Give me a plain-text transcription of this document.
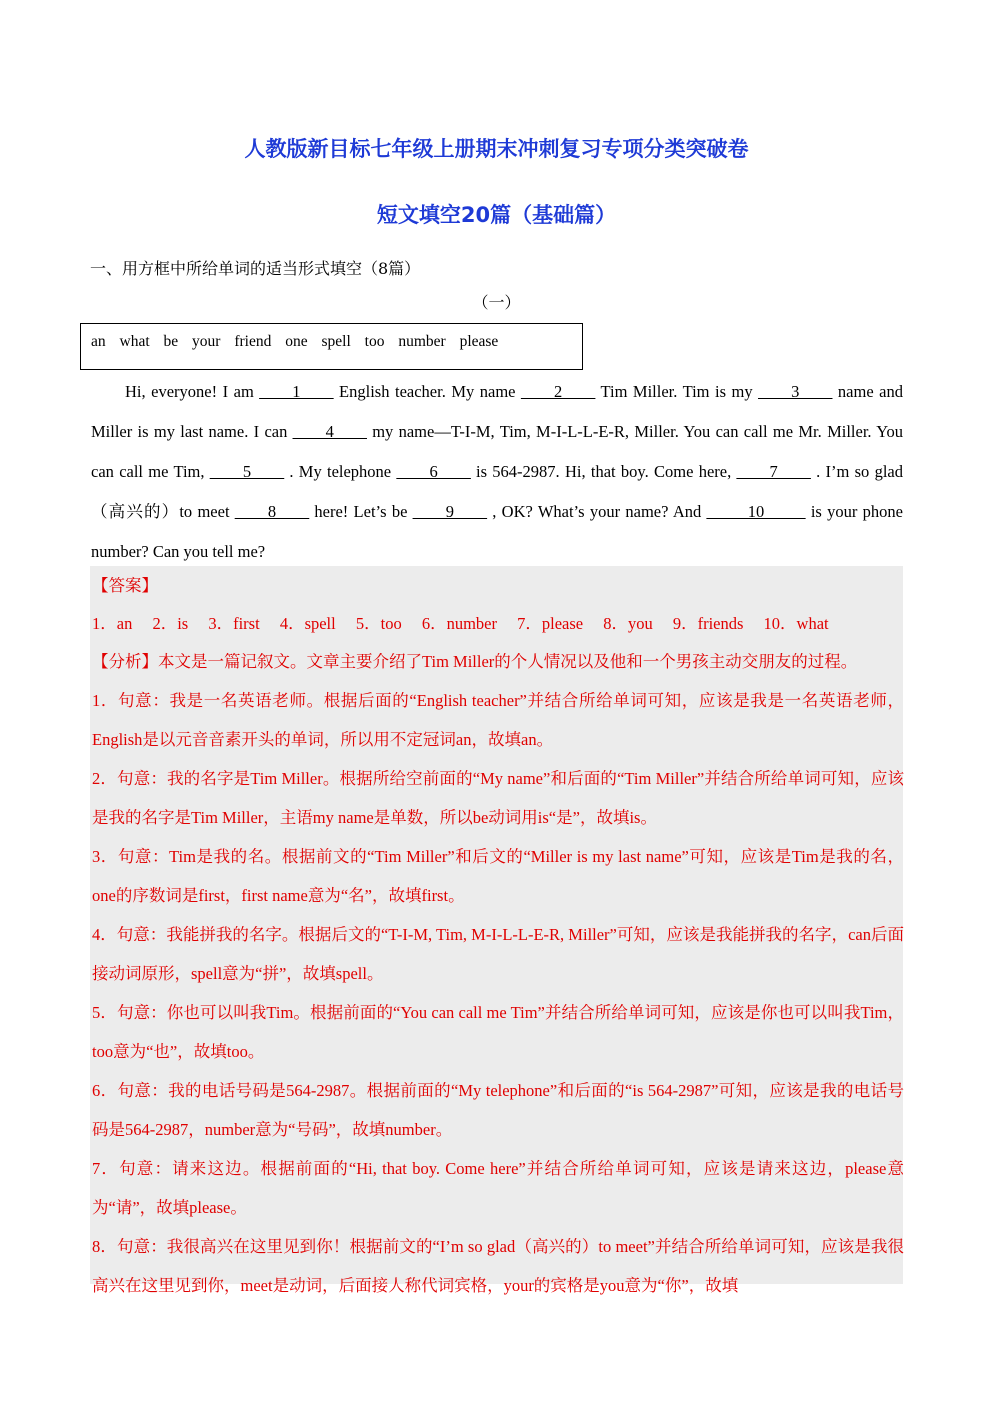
人教版新目标七年级上册期末冲刺复习专项分类突破卷
短文填空20篇（基础篇）
一、用方框中所给单词的适当形式填空（8篇）
（一）
an what be your friend one spell too number please
Hi, everyone! I am ____1____ English teacher. My name ____2____ Tim Miller. Tim is my ____3____ name and Miller is my last name. I can ____4____ my name—T-I-M, Tim, M-I-L-L-E-R, Miller. You can call me Mr. Miller. You can call me Tim, ____5____ . My telephone ____6____ is 564-2987. Hi, that boy. Come here, ____7____ . I’m so glad（高兴的）to meet ____8____ here! Let’s be ____9____ , OK? What’s your name? And _____10_____ is your phone number? Can you tell me?
【答案】
1．an 2．is 3．first 4．spell 5．too 6．number 7．please 8．you 9．friends 10．what

【分析】本文是一篇记叙文。文章主要介绍了Tim Miller的个人情况以及他和一个男孩主动交朋友的过程。

1．句意：我是一名英语老师。根据后面的“English teacher”并结合所给单词可知，应该是我是一名英语老师，English是以元音音素开头的单词，所以用不定冠词an，故填an。

2．句意：我的名字是Tim Miller。根据所给空前面的“My name”和后面的“Tim Miller”并结合所给单词可知，应该是我的名字是Tim Miller，主语my name是单数，所以be动词用is“是”，故填is。

3．句意：Tim是我的名。根据前文的“Tim Miller”和后文的“Miller is my last name”可知，应该是Tim是我的名，one的序数词是first，first name意为“名”，故填first。

4．句意：我能拼我的名字。根据后文的“T-I-M, Tim, M-I-L-L-E-R, Miller”可知，应该是我能拼我的名字，can后面接动词原形，spell意为“拼”，故填spell。

5．句意：你也可以叫我Tim。根据前面的“You can call me Tim”并结合所给单词可知，应该是你也可以叫我Tim，too意为“也”，故填too。

6．句意：我的电话号码是564-2987。根据前面的“My telephone”和后面的“is 564-2987”可知，应该是我的电话号码是564-2987，number意为“号码”，故填number。

7．句意：请来这边。根据前面的“Hi, that boy. Come here”并结合所给单词可知，应该是请来这边，please意为“请”，故填please。

8．句意：我很高兴在这里见到你！根据前文的“I’m so glad（高兴的）to meet”并结合所给单词可知，应该是我很高兴在这里见到你，meet是动词，后面接人称代词宾格，your的宾格是you意为“你”，故填
